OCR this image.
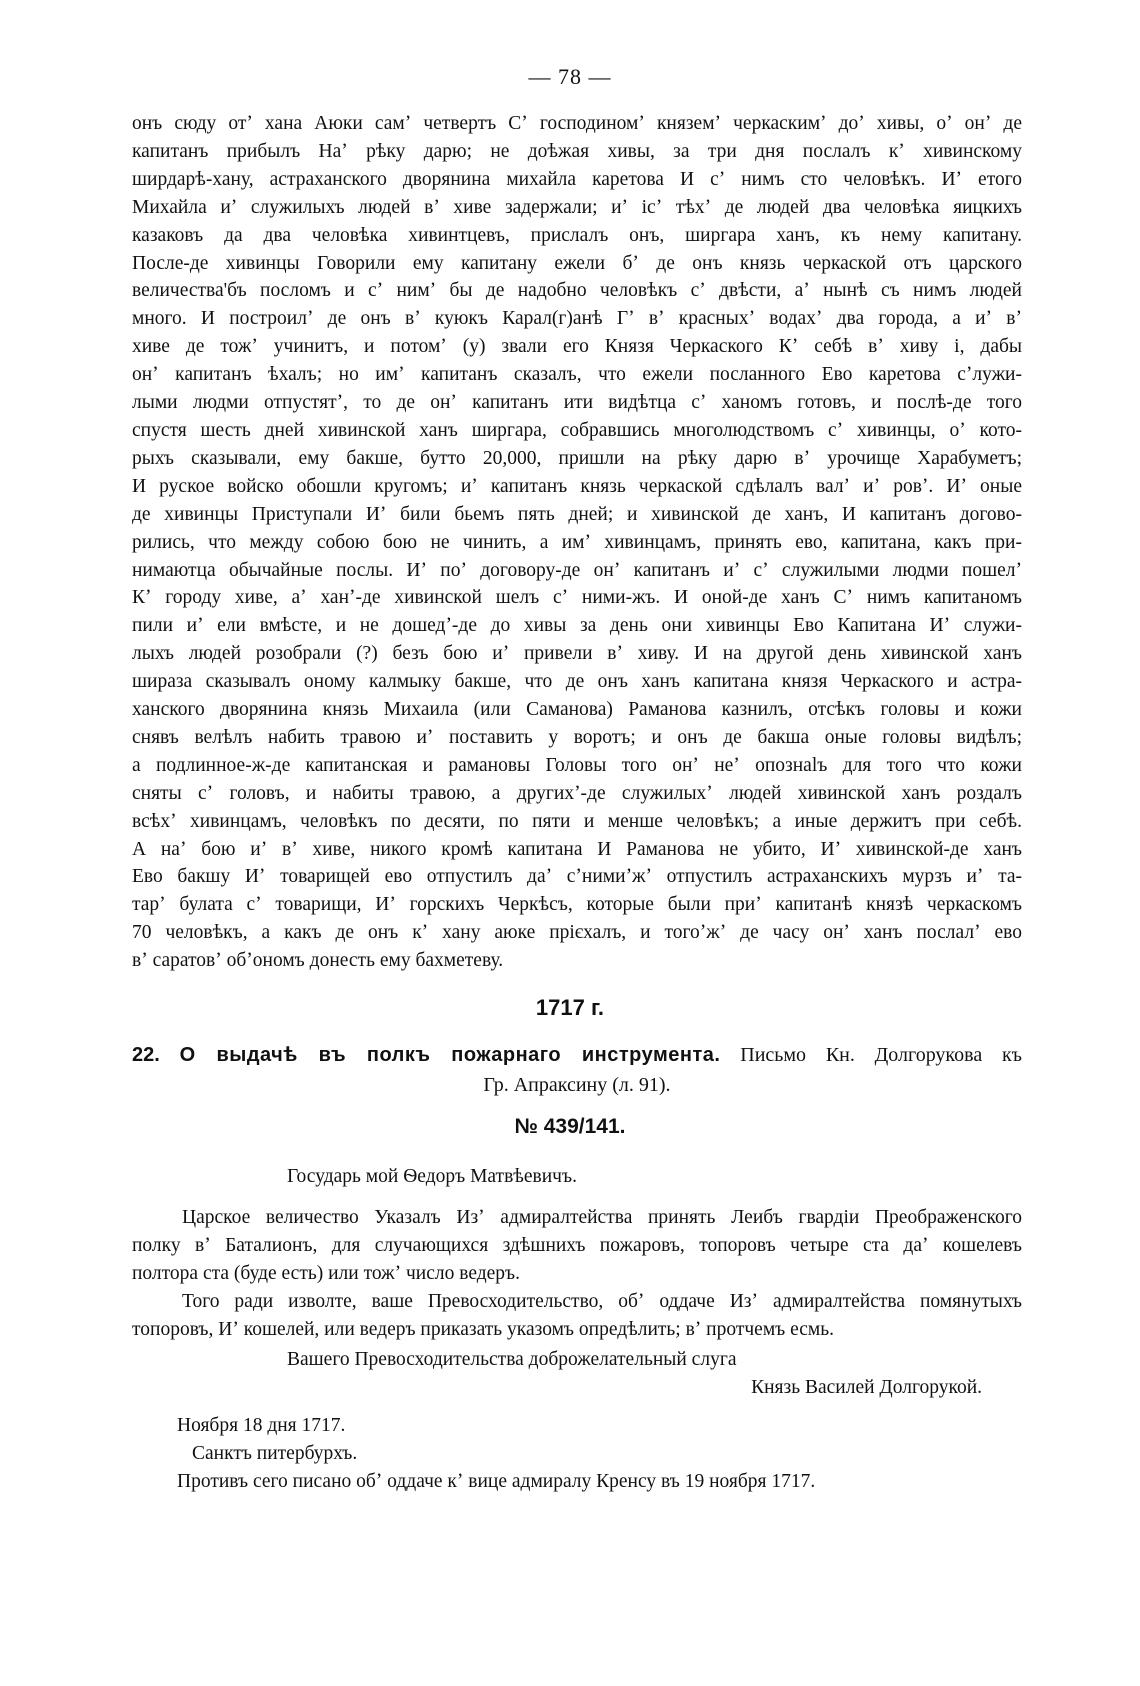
— 78 —
онъ сюду отʼ хана Аюки самʼ четвертъ Сʼ господиномʼ княземʼ черкаскимʼ доʼ хивы, оʼ онʼ де
капитанъ прибылъ Наʼ рѣку дарю; не доѣжая хивы, за три дня послалъ кʼ хивинскому
ширдарѣ-хану, астраханского дворянина михайла каретова И сʼ нимъ сто человѣкъ. Иʼ етого
Михайла иʼ служилыхъ людей вʼ хиве задержали; иʼ ісʼ тѣхʼ де людей два человѣка яицкихъ
казаковъ да два человѣка хивинтцевъ, прислалъ онъ, ширгара ханъ, къ нему капитану.
После-де хивинцы Говорили ему капитану ежели бʼ де онъ князь черкаской отъ царского
величества'бъ посломъ и сʼ нимʼ бы де надобно человѣкъ сʼ двѣсти, аʼ нынѣ съ нимъ людей
много. И построилʼ де онъ вʼ куюкъ Карал(г)анѣ Гʼ вʼ красныхʼ водахʼ два города, а иʼ вʼ
хиве де тожʼ учинитъ, и потомʼ (у) звали его Князя Черкаского Кʼ себѣ вʼ хиву і, дабы
онʼ капитанъ ѣхалъ; но имʼ капитанъ сказалъ, что ежели посланного Ево каретова сʼлужи-
лыми людми отпустятʼ, то де онʼ капитанъ ити видѣтца сʼ ханомъ готовъ, и послѣ-де того
спустя шесть дней хивинской ханъ ширгара, собравшись многолюдствомъ сʼ хивинцы, оʼ кото-
рыхъ сказывали, ему бакше, бутто 20,000, пришли на рѣку дарю вʼ урочище Харабуметъ;
И руское войско обошли кругомъ; иʼ капитанъ князь черкаской сдѣлалъ валʼ иʼ ровʼ. Иʼ оные
де хивинцы Приступали Иʼ били бьемъ пять дней; и хивинской де ханъ, И капитанъ догово-
рились, что между собою бою не чинить, а имʼ хивинцамъ, принять ево, капитана, какъ при-
нимаютца обычайные послы. Иʼ поʼ договору-де онʼ капитанъ иʼ сʼ служилыми людми пошелʼ
Кʼ городу хиве, аʼ ханʼ-де хивинской шелъ сʼ ними-жъ. И оной-де ханъ Сʼ нимъ капитаномъ
пили иʼ ели вмѣсте, и не дошедʼ-де до хивы за день они хивинцы Ево Капитана Иʼ служи-
лыхъ людей розобрали (?) безъ бою иʼ привели вʼ хиву. И на другой день хивинской ханъ
шираза сказывалъ оному калмыку бакше, что де онъ ханъ капитана князя Черкаского и астра-
ханского дворянина князь Михаила (или Саманова) Раманова казнилъ, отсѣкъ головы и кожи
снявъ велѣлъ набить травою иʼ поставить у воротъ; и онъ де бакша оные головы видѣлъ;
а подлинное-ж-де капитанская и рамановы Головы того онʼ неʼ опознаlъ для того что кожи
сняты сʼ головъ, и набиты травою, а другихʼ-де служилыхʼ людей хивинской ханъ роздалъ
всѣхʼ хивинцамъ, человѣкъ по десяти, по пяти и менше человѣкъ; а иные держитъ при себѣ.
А наʼ бою иʼ вʼ хиве, никого кромѣ капитана И Раманова не убито, Иʼ хивинской-де ханъ
Ево бакшу Иʼ товарищей ево отпустилъ даʼ сʼнимиʼжʼ отпустилъ астраханскихъ мурзъ иʼ та-
тарʼ булата сʼ товарищи, Иʼ горскихъ Черкѣсъ, которые были приʼ капитанѣ князѣ черкаскомъ
70 человѣкъ, а какъ де онъ кʼ хану аюке прієхалъ, и тогоʼжʼ де часу онʼ ханъ послалʼ ево
вʼ саратовʼ обʼономъ донесть ему бахметеву.
1717 г.
22. О выдачѣ въ полкъ пожарнаго инструмента. Письмо Кн. Долгорукова къ
Гр. Апраксину (л. 91).
№ 439/141.
Государь мой Ѳедоръ Матвѣевичъ.
Царское величество Указалъ Изʼ адмиралтейства принять Леибъ гвардіи Преображенского
полку вʼ Баталионъ, для случающихся здѣшнихъ пожаровъ, топоровъ четыре ста даʼ кошелевъ
полтора ста (буде есть) или тожʼ число ведеръ.
Того ради изволте, ваше Превосходительство, обʼ оддаче Изʼ адмиралтейства помянутыхъ
топоровъ, Иʼ кошелей, или ведеръ приказать указомъ опредѣлить; вʼ протчемъ есмь.
Вашего Превосходительства доброжелательный слуга
Князь Василей Долгорукой.
Ноября 18 дня 1717.
Санктъ питербурхъ.
Противъ сего писано обʼ оддаче кʼ вице адмиралу Кренсу въ 19 ноября 1717.
